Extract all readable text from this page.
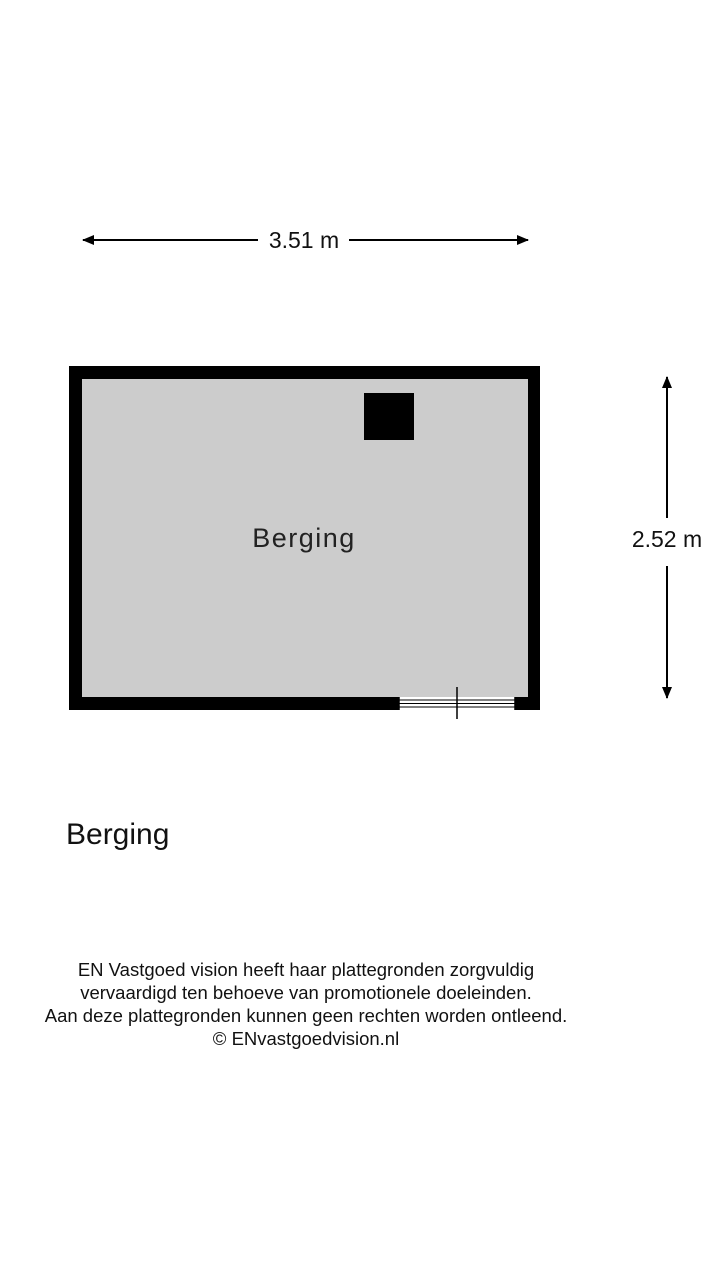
3.51 m
2.52 m
Berging
Berging
EN Vastgoed vision heeft haar plattegronden zorgvuldig
vervaardigd ten behoeve van promotionele doeleinden.
Aan deze plattegronden kunnen geen rechten worden ontleend.
© ENvastgoedvision.nl
